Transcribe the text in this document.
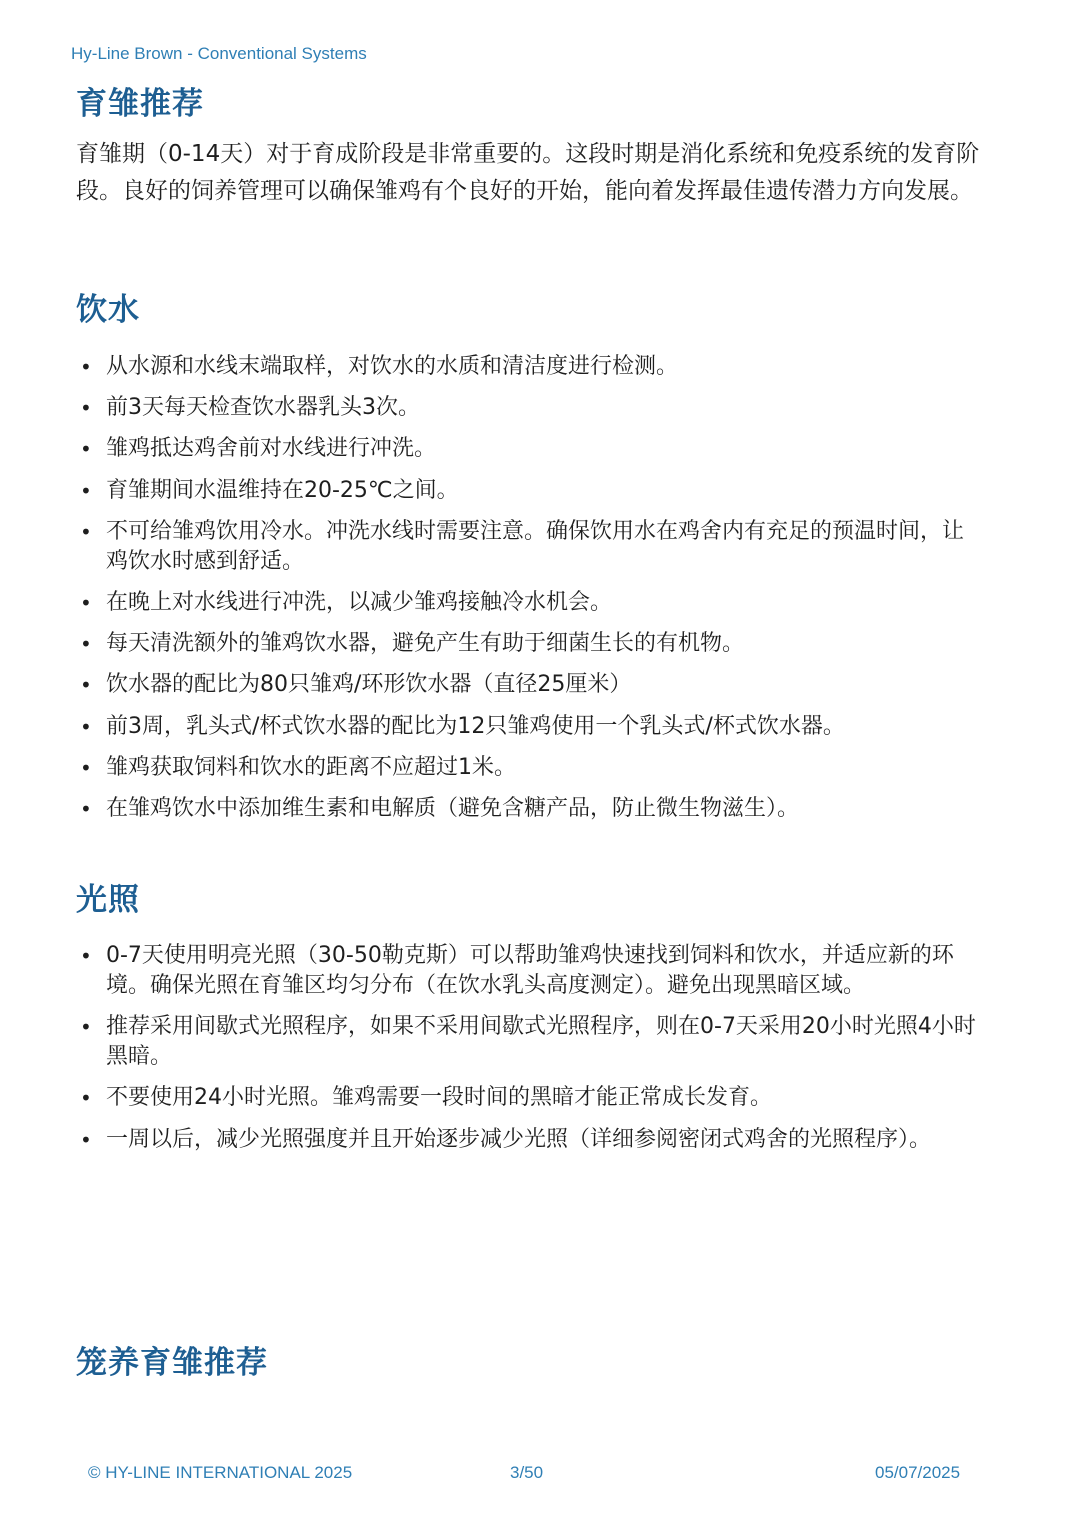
Hy-Line Brown - Conventional Systems
育雏推荐

育雏期（0-14天）对于育成阶段是非常重要的。这段时期是消化系统和免疫系统的发育阶段。良好的饲养管理可以确保雏鸡有个良好的开始，能向着发挥最佳遗传潜力方向发展。

饮水
• 从水源和水线末端取样，对饮水的水质和清洁度进行检测。
• 前3天每天检查饮水器乳头3次。
• 雏鸡抵达鸡舍前对水线进行冲洗。
• 育雏期间水温维持在20-25℃之间。
• 不可给雏鸡饮用冷水。冲洗水线时需要注意。确保饮用水在鸡舍内有充足的预温时间，让鸡饮水时感到舒适。
• 在晚上对水线进行冲洗，以减少雏鸡接触冷水机会。
• 每天清洗额外的雏鸡饮水器，避免产生有助于细菌生长的有机物。
• 饮水器的配比为80只雏鸡/环形饮水器（直径25厘米）
• 前3周，乳头式/杯式饮水器的配比为12只雏鸡使用一个乳头式/杯式饮水器。
• 雏鸡获取饲料和饮水的距离不应超过1米。
• 在雏鸡饮水中添加维生素和电解质（避免含糖产品，防止微生物滋生）。
光照
• 0-7天使用明亮光照（30-50勒克斯）可以帮助雏鸡快速找到饲料和饮水，并适应新的环境。确保光照在育雏区均匀分布（在饮水乳头高度测定）。避免出现黑暗区域。
• 推荐采用间歇式光照程序，如果不采用间歇式光照程序，则在0-7天采用20小时光照4小时黑暗。
• 不要使用24小时光照。雏鸡需要一段时间的黑暗才能正常成长发育。
• 一周以后，减少光照强度并且开始逐步减少光照（详细参阅密闭式鸡舍的光照程序）。
笼养育雏推荐
© HY-LINE INTERNATIONAL 2025	3/50	05/07/2025
